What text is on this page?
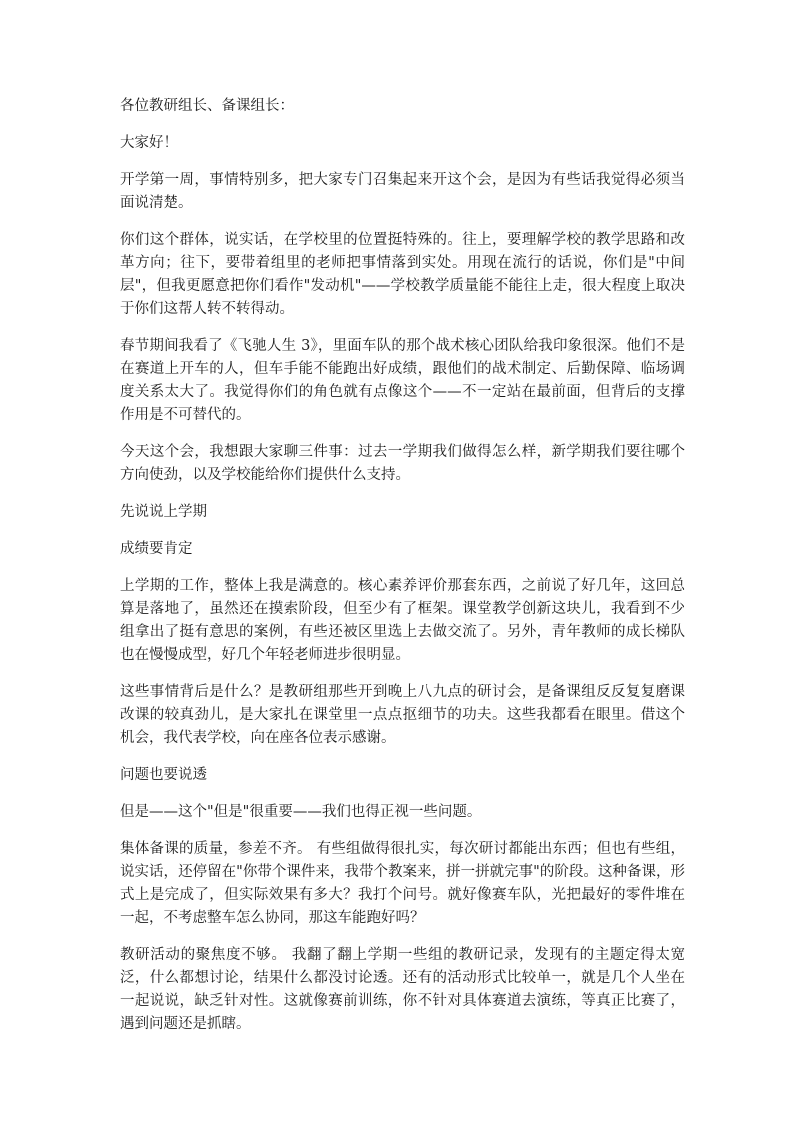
各位教研组长、备课组长：

大家好！

开学第一周，事情特别多，把大家专门召集起来开这个会，是因为有些话我觉得必须当面说清楚。

你们这个群体，说实话，在学校里的位置挺特殊的。往上，要理解学校的教学思路和改革方向；往下，要带着组里的老师把事情落到实处。用现在流行的话说，你们是"中间层"，但我更愿意把你们看作"发动机"——学校教学质量能不能往上走，很大程度上取决于你们这帮人转不转得动。

春节期间我看了《飞驰人生 3》，里面车队的那个战术核心团队给我印象很深。他们不是在赛道上开车的人，但车手能不能跑出好成绩，跟他们的战术制定、后勤保障、临场调度关系太大了。我觉得你们的角色就有点像这个——不一定站在最前面，但背后的支撑作用是不可替代的。

今天这个会，我想跟大家聊三件事：过去一学期我们做得怎么样，新学期我们要往哪个方向使劲，以及学校能给你们提供什么支持。

先说说上学期

成绩要肯定

上学期的工作，整体上我是满意的。核心素养评价那套东西，之前说了好几年，这回总算是落地了，虽然还在摸索阶段，但至少有了框架。课堂教学创新这块儿，我看到不少组拿出了挺有意思的案例，有些还被区里选上去做交流了。另外，青年教师的成长梯队也在慢慢成型，好几个年轻老师进步很明显。

这些事情背后是什么？是教研组那些开到晚上八九点的研讨会，是备课组反反复复磨课改课的较真劲儿，是大家扎在课堂里一点点抠细节的功夫。这些我都看在眼里。借这个机会，我代表学校，向在座各位表示感谢。

问题也要说透

但是——这个"但是"很重要——我们也得正视一些问题。

集体备课的质量，参差不齐。 有些组做得很扎实，每次研讨都能出东西；但也有些组，说实话，还停留在"你带个课件来，我带个教案来，拼一拼就完事"的阶段。这种备课，形式上是完成了，但实际效果有多大？我打个问号。就好像赛车队，光把最好的零件堆在一起，不考虑整车怎么协同，那这车能跑好吗？

教研活动的聚焦度不够。 我翻了翻上学期一些组的教研记录，发现有的主题定得太宽泛，什么都想讨论，结果什么都没讨论透。还有的活动形式比较单一，就是几个人坐在一起说说，缺乏针对性。这就像赛前训练，你不针对具体赛道去演练，等真正比赛了，遇到问题还是抓瞎。
